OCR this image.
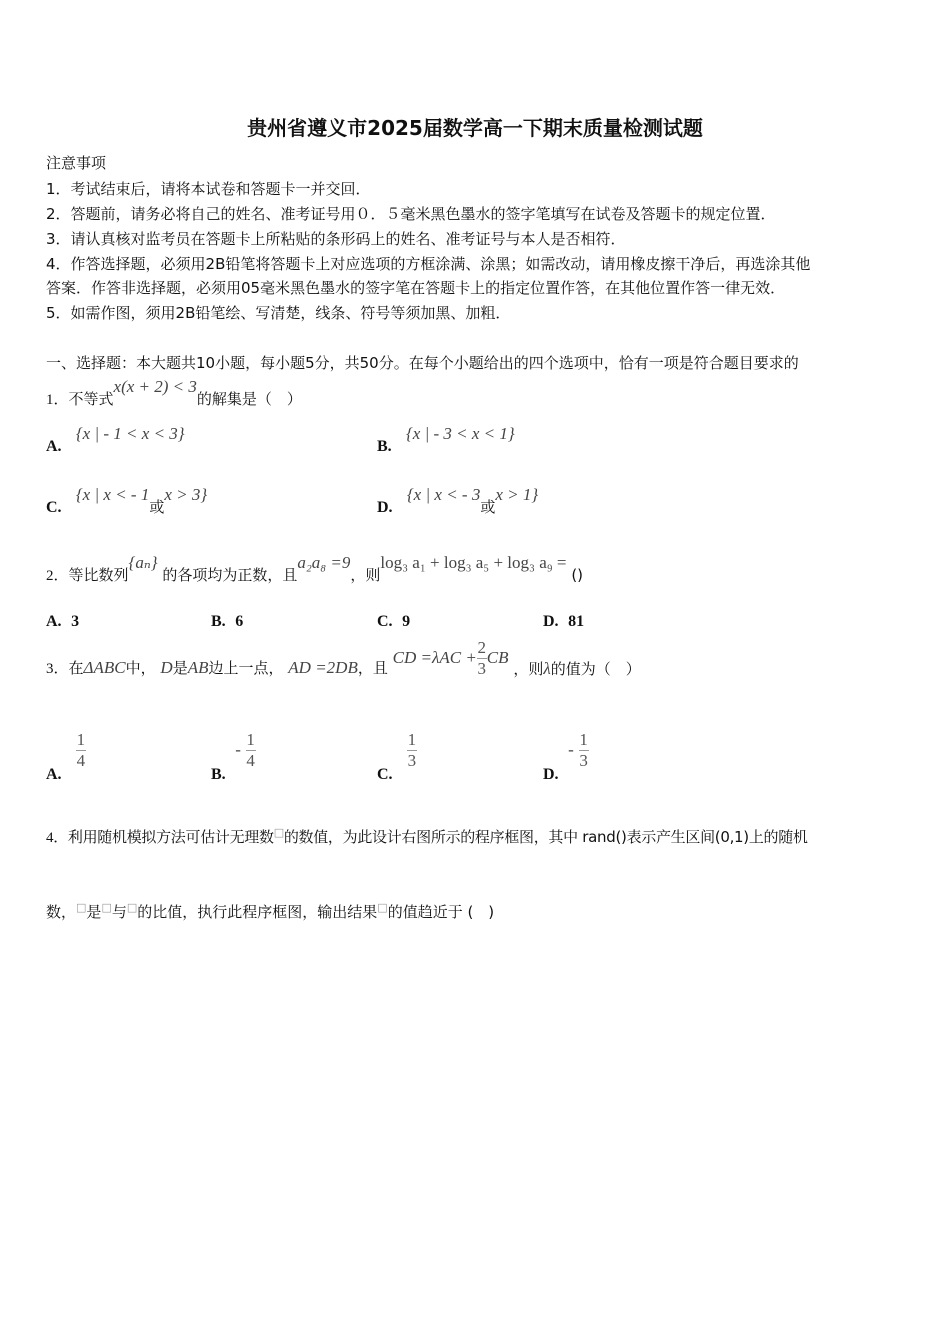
贵州省遵义市2025届数学高一下期末质量检测试题
注意事项
1．考试结束后，请将本试卷和答题卡一并交回．
2．答题前，请务必将自己的姓名、准考证号用０．５毫米黑色墨水的签字笔填写在试卷及答题卡的规定位置．
3．请认真核对监考员在答题卡上所粘贴的条形码上的姓名、准考证号与本人是否相符．
4．作答选择题，必须用2B铅笔将答题卡上对应选项的方框涂满、涂黑；如需改动，请用橡皮擦干净后，再选涂其他
答案．作答非选择题，必须用05毫米黑色墨水的签字笔在答题卡上的指定位置作答，在其他位置作答一律无效．
5．如需作图，须用2B铅笔绘、写清楚，线条、符号等须加黑、加粗．
一、选择题：本大题共10小题，每小题5分，共50分。在每个小题给出的四个选项中，恰有一项是符合题目要求的
1．不等式x(x + 2) < 3的解集是（　）
A.   {x | - 1 < x < 3}
B.   {x | - 3 < x < 1}
C.   {x | x < - 1或x > 3}
D.   {x | x < - 3或x > 1}
2．等比数列{aₙ} 的各项均为正数，且a₂a₈ =9，则log₃ a₁ + log₃ a₅ + log₃ a₉ = ()
A. 3	B. 6	C. 9	D. 81
3．在ΔABC中， D是AB边上一点， AD =2DB，且 CD $=\lambda AC + \frac{2}{3}$ CB ，则λ的值为（　）
A.
$\frac{1}{4}$
B.  - $\frac{1}{4}$
C.
$\frac{1}{3}$
D.  - $\frac{1}{3}$
4．利用随机模拟方法可估计无理数□的数值，为此设计右图所示的程序框图，其中 rand()表示产生区间(0,1)上的随机
数，□是□与□的比值，执行此程序框图，输出结果□的值趋近于 (　)
